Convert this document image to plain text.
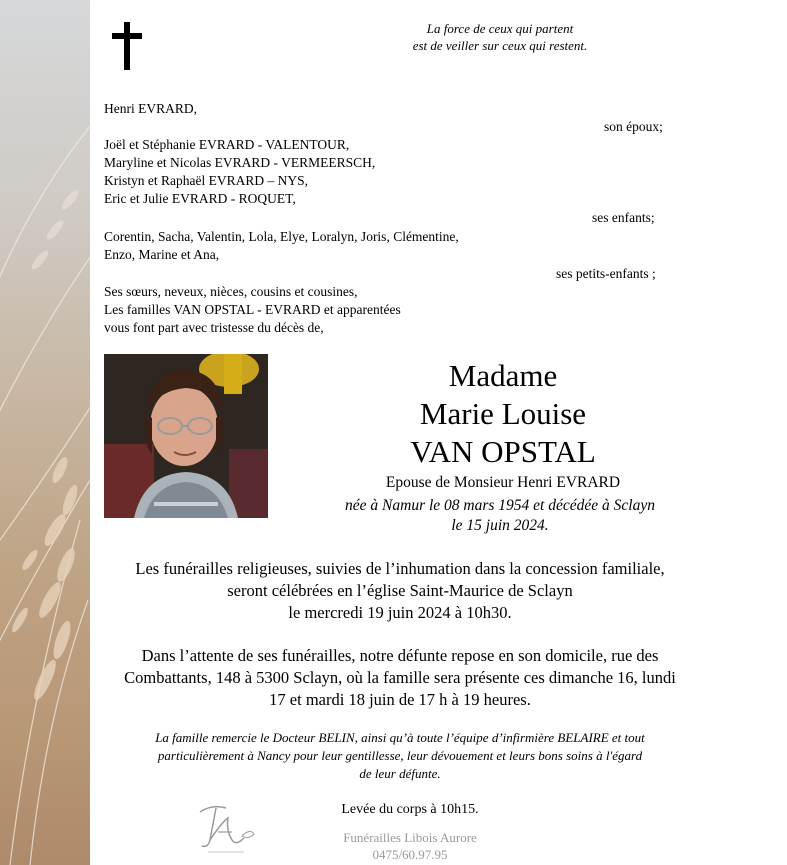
La force de ceux qui partent
est de veiller sur ceux qui restent.
Henri EVRARD,
son époux;
Joël et Stéphanie EVRARD - VALENTOUR,
Maryline et Nicolas EVRARD - VERMEERSCH,
Kristyn et Raphaël EVRARD – NYS,
Eric et Julie EVRARD - ROQUET,
ses enfants;
Corentin, Sacha, Valentin, Lola, Elye, Loralyn, Joris, Clémentine,
Enzo, Marine et Ana,
ses petits-enfants ;
Ses sœurs, neveux, nièces, cousins et cousines,
Les familles VAN OPSTAL - EVRARD et apparentées
vous font part avec tristesse du décès de,
Madame
Marie Louise
VAN OPSTAL
Epouse de Monsieur Henri EVRARD
née à Namur le 08 mars 1954 et décédée à Sclayn
le 15 juin 2024.
Les funérailles religieuses, suivies de l’inhumation dans la concession familiale,
seront célébrées en l’église Saint-Maurice de Sclayn
le mercredi 19 juin 2024 à 10h30.
Dans l’attente de ses funérailles, notre défunte repose en son domicile, rue des
Combattants, 148 à 5300 Sclayn, où la famille sera présente ces dimanche 16, lundi
17 et mardi 18 juin de 17 h à 19 heures.
La famille remercie le Docteur BELIN, ainsi qu’à toute l’équipe d’infirmière BELAIRE et tout
particulièrement à Nancy pour leur gentillesse, leur dévouement et leurs bons soins à l'égard
de leur défunte.
Levée du corps à 10h15.
Funérailles Libois Aurore
0475/60.97.95
